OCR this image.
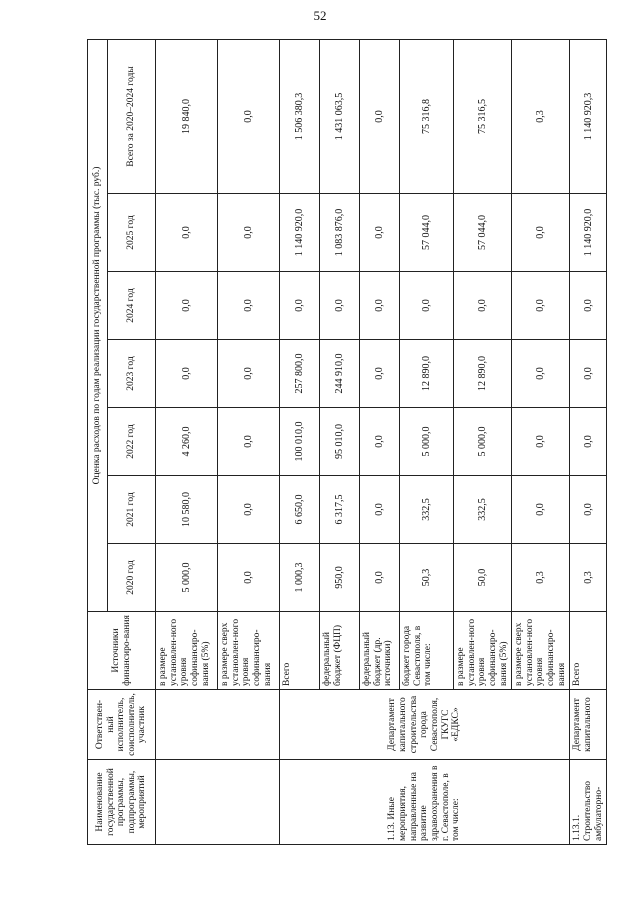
52
Наименование государственной программы, подпрограммы, мероприятий	Ответствен-ный исполнитель, соисполнитель, участник	Источники финансиро-вания	Оценка расходов по годам реализации государственной программы (тыс. руб.)						
			2020 год	2021 год	2022 год	2023 год	2024 год	2025 год	Всего за 2020–2024 годы
		в размере установлен-ного уровня софинансиро-вания (5%)	5 000,0	10 580,0	4 260,0	0,0	0,0	0,0	19 840,0
		в размере сверх установлен-ного уровня софинансиро-вания	0,0	0,0	0,0	0,0	0,0	0,0	0,0
1.13. Иные мероприятия, направленные на развитие здравоохранения в г. Севастополе, в том числе:	Департамент капитального строительства города Севастополя, ГКУГС «ЕДКС»	Всего	1 000,3	6 650,0	100 010,0	257 800,0	0,0	1 140 920,0	1 506 380,3
		федеральный бюджет (ФЦП)	950,0	6 317,5	95 010,0	244 910,0	0,0	1 083 876,0	1 431 063,5
		федеральный бюджет (др. источники)	0,0	0,0	0,0	0,0	0,0	0,0	0,0
		бюджет города Севастополя, в том числе:	50,3	332,5	5 000,0	12 890,0	0,0	57 044,0	75 316,8
		в размере установлен-ного уровня софинансиро-вания (5%)	50,0	332,5	5 000,0	12 890,0	0,0	57 044,0	75 316,5
		в размере сверх установлен-ного уровня софинансиро-вания	0,3	0,0	0,0	0,0	0,0	0,0	0,3
1.13.1. Строительство амбулаторно-	Департамент капитального	Всего	0,3	0,0	0,0	0,0	0,0	1 140 920,0	1 140 920,3
